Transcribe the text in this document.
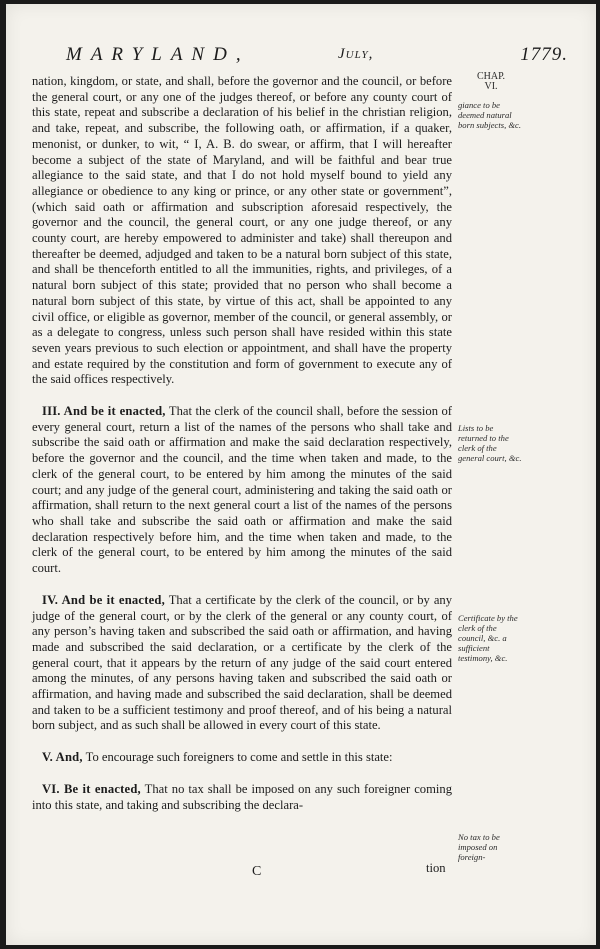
MARYLAND,	July,	1779.
CHAP.
VI.
giance to be deemed natural born subjects, &c.
Lists to be returned to the clerk of the general court, &c.
Certificate by the clerk of the council, &c. a sufficient testimony, &c.
No tax to be imposed on foreign-

nation, kingdom, or state, and shall, before the governor and the council, or before the general court, or any one of the judges thereof, or before any county court of this state, repeat and subscribe a declaration of his belief in the christian religion, and take, repeat, and subscribe, the following oath, or affirmation, if a quaker, menonist, or dunker, to wit, “ I, A. B. do swear, or affirm, that I will hereafter become a subject of the state of Maryland, and will be faithful and bear true allegiance to the said state, and that I do not hold myself bound to yield any allegiance or obedience to any king or prince, or any other state or government”, (which said oath or affirmation and subscription aforesaid respectively, the governor and the council, the general court, or any one judge thereof, or any county court, are hereby empowered to administer and take) shall thereupon and thereafter be deemed, adjudged and taken to be a natural born subject of this state, and shall be thenceforth entitled to all the immunities, rights, and privileges, of a natural born subject of this state; provided that no person who shall become a natural born subject of this state, by virtue of this act, shall be appointed to any civil office, or eligible as governor, member of the council, or general assembly, or as a delegate to congress, unless such person shall have resided within this state seven years previous to such election or appointment, and shall have the property and estate required by the constitution and form of government to execute any of the said offices respectively.

III. And be it enacted, That the clerk of the council shall, before the session of every general court, return a list of the names of the persons who shall take and subscribe the said oath or affirmation and make the said declaration respectively, before the governor and the council, and the time when taken and made, to the clerk of the general court, to be entered by him among the minutes of the said court; and any judge of the general court, administering and taking the said oath or affirmation, shall return to the next general court a list of the names of the persons who shall take and subscribe the said oath or affirmation and make the said declaration respectively before him, and the time when taken and made, to the clerk of the general court, to be entered by him among the minutes of the said court.

IV. And be it enacted, That a certificate by the clerk of the council, or by any judge of the general court, or by the clerk of the general or any county court, of any person’s having taken and subscribed the said oath or affirmation, and having made and subscribed the said declaration, or a certificate by the clerk of the general court, that it appears by the return of any judge of the said court entered among the minutes, of any persons having taken and subscribed the said oath or affirmation, and having made and subscribed the said declaration, shall be deemed and taken to be a sufficient testimony and proof thereof, and of his being a natural born subject, and as such shall be allowed in every court of this state.

V. And, To encourage such foreigners to come and settle in this state:

VI. Be it enacted, That no tax shall be imposed on any such foreigner coming into this state, and taking and subscribing the declara-

C	tion
